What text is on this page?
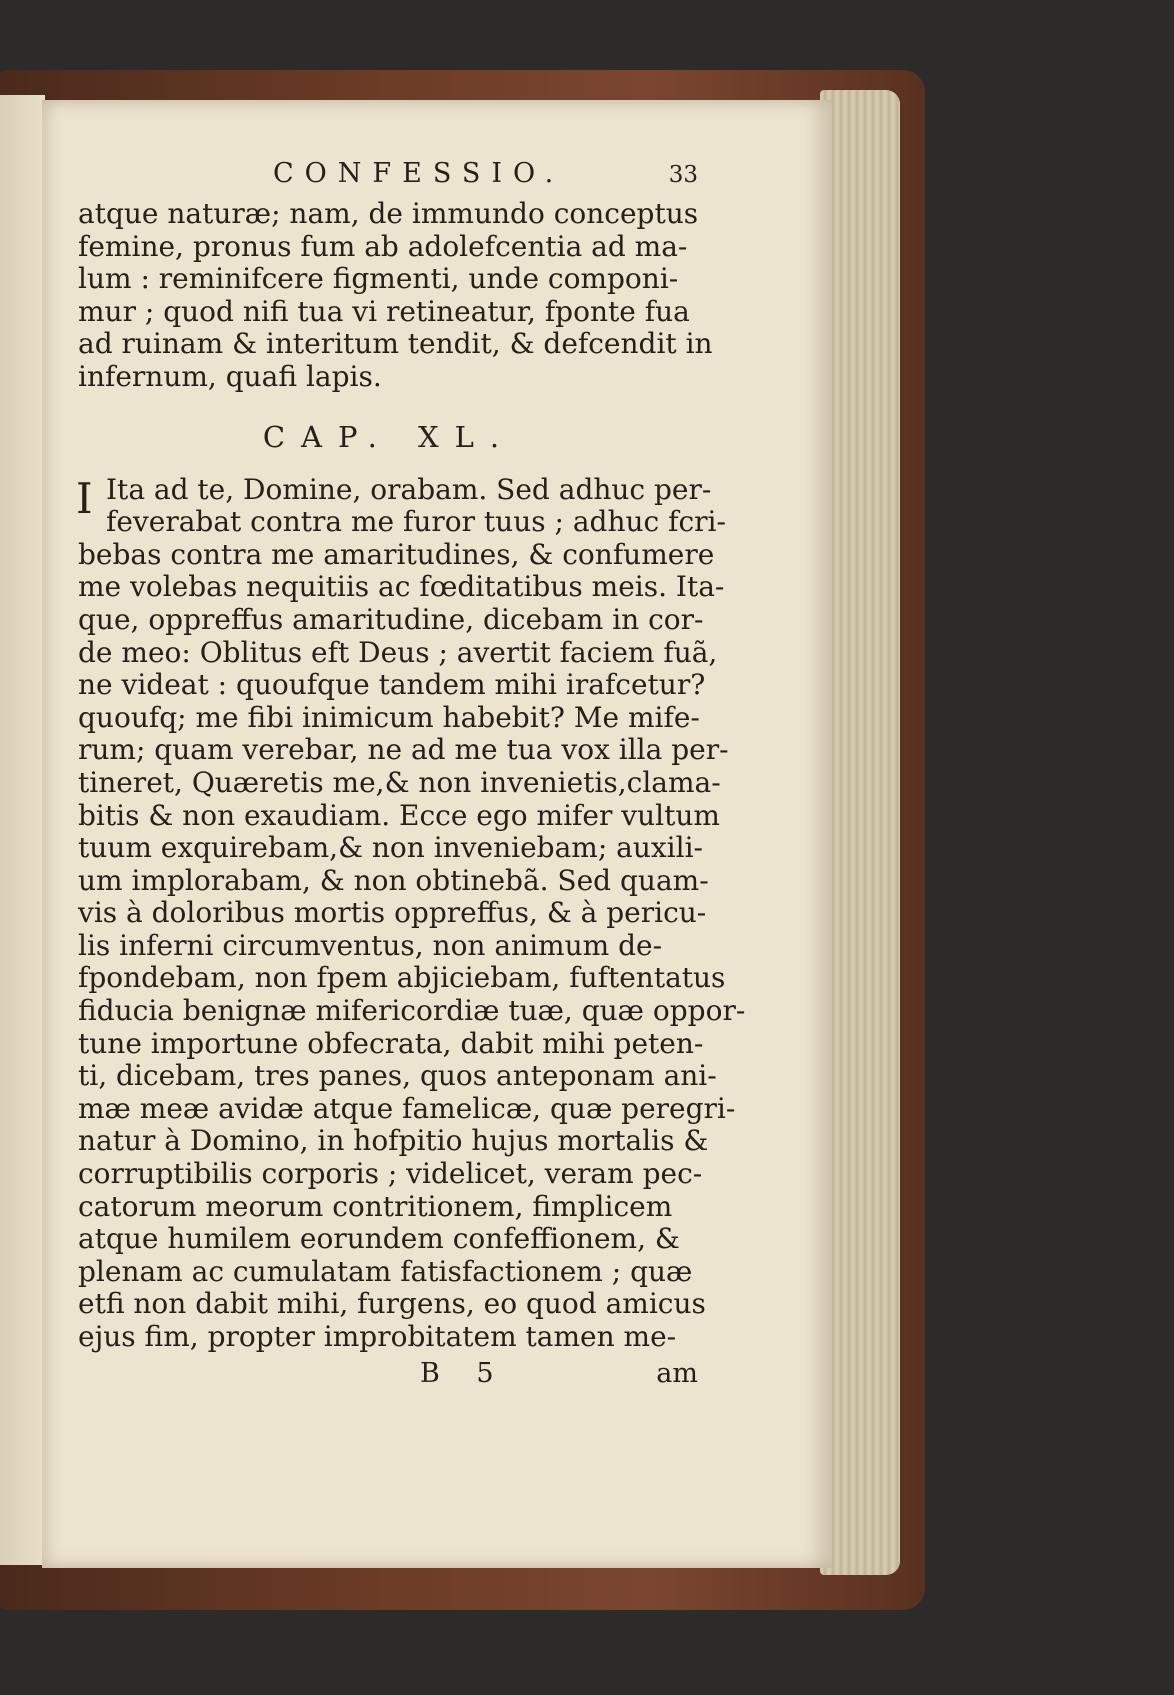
CONFESSIO.	33
atque naturæ; nam, de immundo conceptus
femine, pronus fum ab adolefcentia ad ma-
lum : reminifcere figmenti, unde componi-
mur ; quod nifi tua vi retineatur, fponte fua
ad ruinam & interitum tendit, & defcendit in
infernum, quafi lapis.
CAP. XL.
I Ita ad te, Domine, orabam. Sed adhuc per-
feverabat contra me furor tuus ; adhuc fcri-
bebas contra me amaritudines, & confumere
me volebas nequitiis ac fœditatibus meis. Ita-
que, oppreffus amaritudine, dicebam in cor-
de meo: Oblitus eft Deus ; avertit faciem fuã,
ne videat : quoufque tandem mihi irafcetur?
quoufq; me fibi inimicum habebit? Me mife-
rum; quam verebar, ne ad me tua vox illa per-
tineret, Quæretis me,& non invenietis,clama-
bitis & non exaudiam. Ecce ego mifer vultum
tuum exquirebam,& non inveniebam; auxili-
um implorabam, & non obtinebã. Sed quam-
vis à doloribus mortis oppreffus, & à pericu-
lis inferni circumventus, non animum de-
fpondebam, non fpem abjiciebam, fuftentatus
fiducia benignæ mifericordiæ tuæ, quæ oppor-
tune importune obfecrata, dabit mihi peten-
ti, dicebam, tres panes, quos anteponam ani-
mæ meæ avidæ atque famelicæ, quæ peregri-
natur à Domino, in hofpitio hujus mortalis &
corruptibilis corporis ; videlicet, veram pec-
catorum meorum contritionem, fimplicem
atque humilem eorundem confeffionem, &
plenam ac cumulatam fatisfactionem ; quæ
etfi non dabit mihi, furgens, eo quod amicus
ejus fim, propter improbitatem tamen me-
B 5	am
